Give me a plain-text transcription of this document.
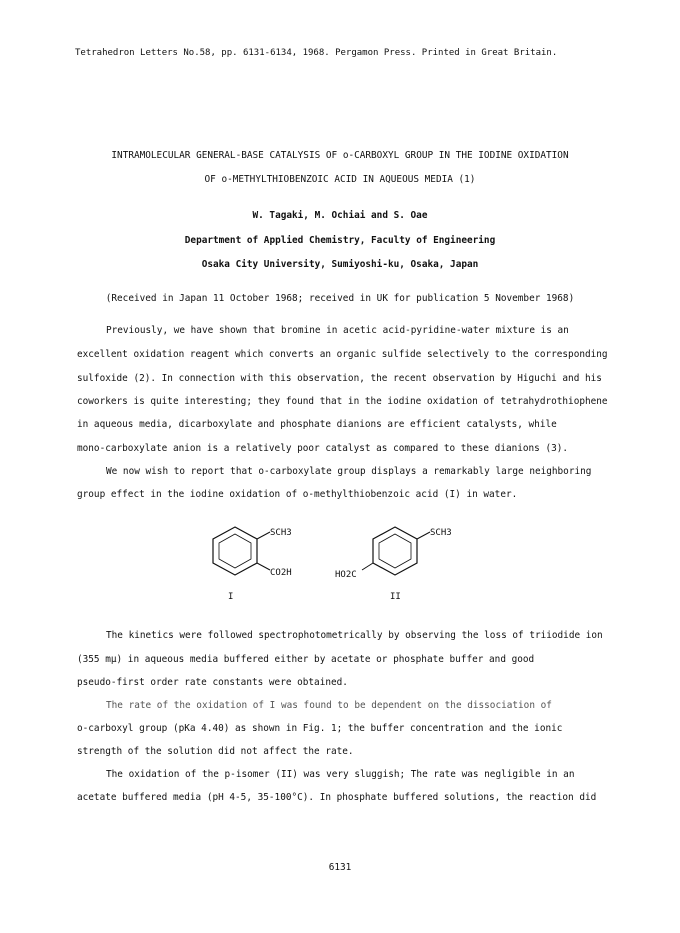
Tetrahedron Letters No.58, pp. 6131-6134, 1968. Pergamon Press. Printed in Great Britain.
INTRAMOLECULAR GENERAL-BASE CATALYSIS OF o-CARBOXYL GROUP IN THE IODINE OXIDATION
OF o-METHYLTHIOBENZOIC ACID IN AQUEOUS MEDIA (1)
W. Tagaki, M. Ochiai and S. Oae
Department of Applied Chemistry, Faculty of Engineering
Osaka City University, Sumiyoshi-ku, Osaka, Japan
(Received in Japan 11 October 1968; received in UK for publication 5 November 1968)
Previously, we have shown that bromine in acetic acid-pyridine-water mixture is an
excellent oxidation reagent which converts an organic sulfide selectively to the corresponding
sulfoxide (2). In connection with this observation, the recent observation by Higuchi and his
coworkers is quite interesting; they found that in the iodine oxidation of tetrahydrothiophene
in aqueous media, dicarboxylate and phosphate dianions are efficient catalysts, while
mono-carboxylate anion is a relatively poor catalyst as compared to these dianions (3).
We now wish to report that o-carboxylate group displays a remarkably large neighboring
group effect in the iodine oxidation of o-methylthiobenzoic acid (I) in water.
SCH3
CO2H
I
SCH3
HO2C
II
The kinetics were followed spectrophotometrically by observing the loss of triiodide ion
(355 mμ) in aqueous media buffered either by acetate or phosphate buffer and good
pseudo-first order rate constants were obtained.
The rate of the oxidation of I was found to be dependent on the dissociation of
o-carboxyl group (pKa 4.40) as shown in Fig. 1; the buffer concentration and the ionic
strength of the solution did not affect the rate.
The oxidation of the p-isomer (II) was very sluggish; The rate was negligible in an
acetate buffered media (pH 4-5, 35-100°C). In phosphate buffered solutions, the reaction did
6131
